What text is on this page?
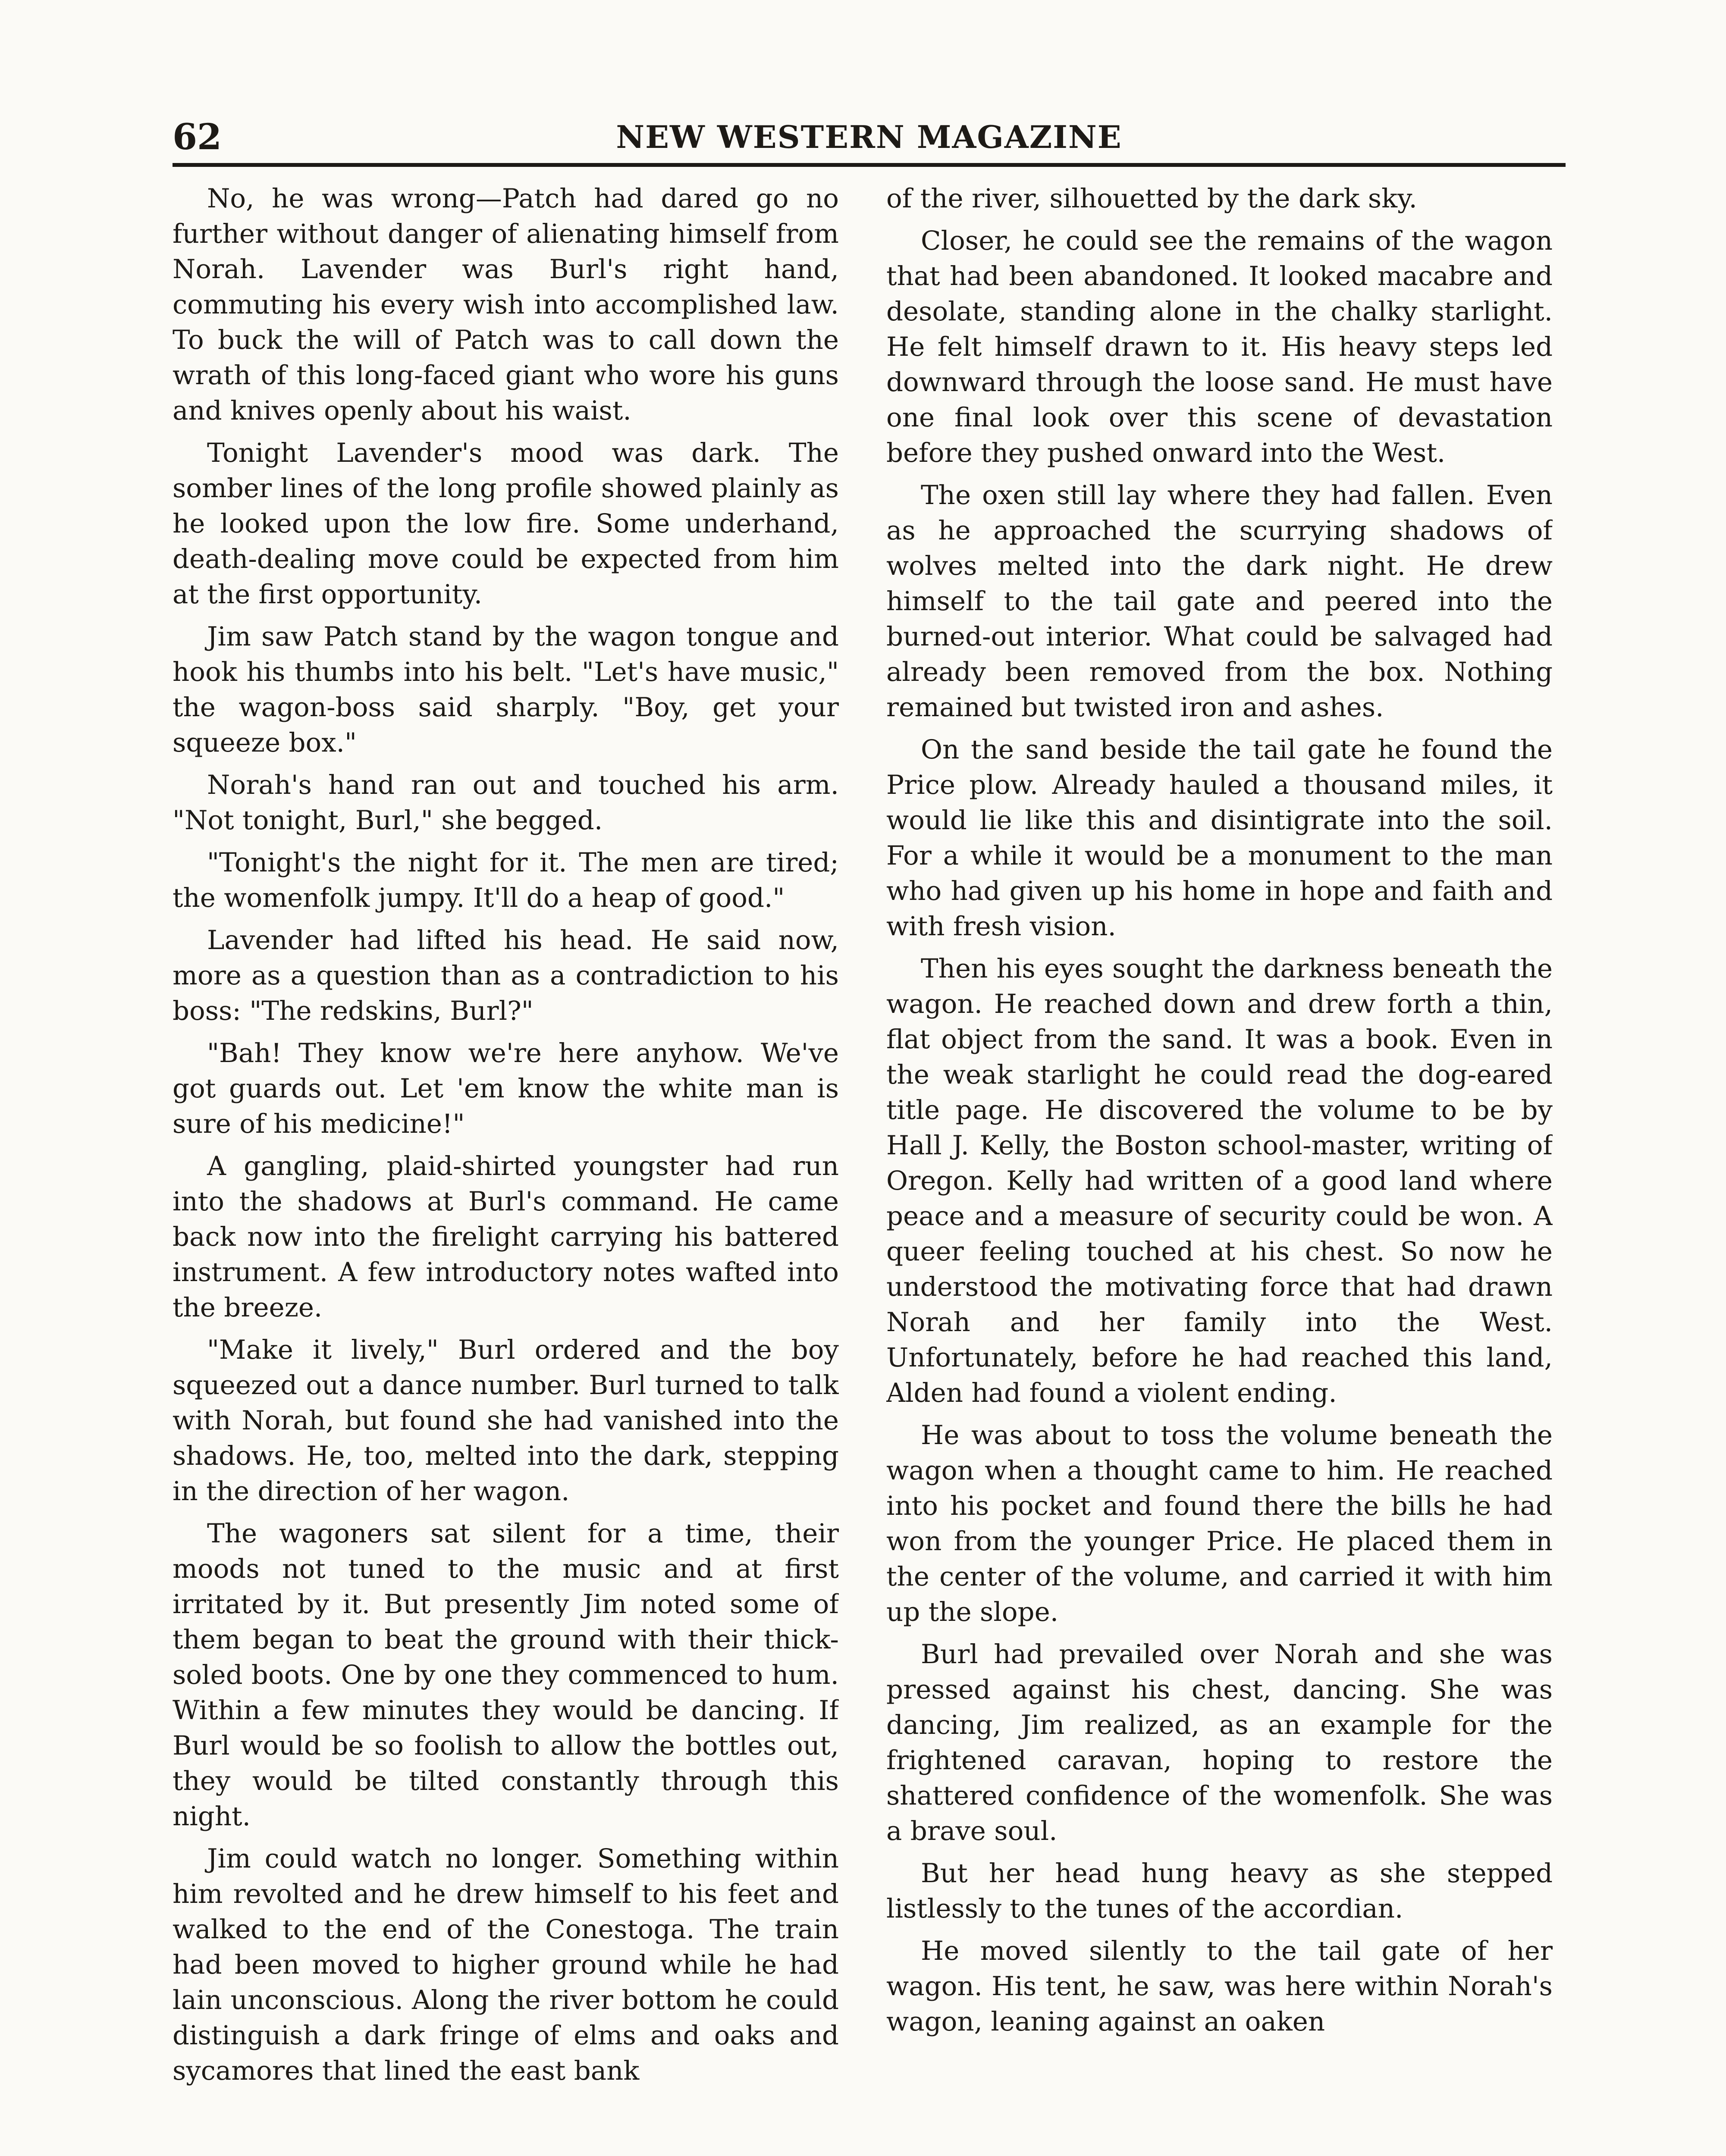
62	NEW WESTERN MAGAZINE

No, he was wrong—Patch had dared go no further without danger of alienating himself from Norah. Lavender was Burl's right hand, commuting his every wish into accomplished law. To buck the will of Patch was to call down the wrath of this long-faced giant who wore his guns and knives openly about his waist.

Tonight Lavender's mood was dark. The somber lines of the long profile showed plainly as he looked upon the low fire. Some underhand, death-dealing move could be expected from him at the first opportunity.

Jim saw Patch stand by the wagon tongue and hook his thumbs into his belt. "Let's have music," the wagon-boss said sharply. "Boy, get your squeeze box."

Norah's hand ran out and touched his arm. "Not tonight, Burl," she begged.

"Tonight's the night for it. The men are tired; the womenfolk jumpy. It'll do a heap of good."

Lavender had lifted his head. He said now, more as a question than as a contradiction to his boss: "The redskins, Burl?"

"Bah! They know we're here anyhow. We've got guards out. Let 'em know the white man is sure of his medicine!"

A gangling, plaid-shirted youngster had run into the shadows at Burl's command. He came back now into the firelight carrying his battered instrument. A few introductory notes wafted into the breeze.

"Make it lively," Burl ordered and the boy squeezed out a dance number. Burl turned to talk with Norah, but found she had vanished into the shadows. He, too, melted into the dark, stepping in the direction of her wagon.

The wagoners sat silent for a time, their moods not tuned to the music and at first irritated by it. But presently Jim noted some of them began to beat the ground with their thick-soled boots. One by one they commenced to hum. Within a few minutes they would be dancing. If Burl would be so foolish to allow the bottles out, they would be tilted constantly through this night.

Jim could watch no longer. Something within him revolted and he drew himself to his feet and walked to the end of the Conestoga. The train had been moved to higher ground while he had lain unconscious. Along the river bottom he could distinguish a dark fringe of elms and oaks and sycamores that lined the east bank

of the river, silhouetted by the dark sky.

Closer, he could see the remains of the wagon that had been abandoned. It looked macabre and desolate, standing alone in the chalky starlight. He felt himself drawn to it. His heavy steps led downward through the loose sand. He must have one final look over this scene of devastation before they pushed onward into the West.

The oxen still lay where they had fallen. Even as he approached the scurrying shadows of wolves melted into the dark night. He drew himself to the tail gate and peered into the burned-out interior. What could be salvaged had already been removed from the box. Nothing remained but twisted iron and ashes.

On the sand beside the tail gate he found the Price plow. Already hauled a thousand miles, it would lie like this and disintigrate into the soil. For a while it would be a monument to the man who had given up his home in hope and faith and with fresh vision.

Then his eyes sought the darkness beneath the wagon. He reached down and drew forth a thin, flat object from the sand. It was a book. Even in the weak starlight he could read the dog-eared title page. He discovered the volume to be by Hall J. Kelly, the Boston school-master, writing of Oregon. Kelly had written of a good land where peace and a measure of security could be won. A queer feeling touched at his chest. So now he understood the motivating force that had drawn Norah and her family into the West. Unfortunately, before he had reached this land, Alden had found a violent ending.

He was about to toss the volume beneath the wagon when a thought came to him. He reached into his pocket and found there the bills he had won from the younger Price. He placed them in the center of the volume, and carried it with him up the slope.

Burl had prevailed over Norah and she was pressed against his chest, dancing. She was dancing, Jim realized, as an example for the frightened caravan, hoping to restore the shattered confidence of the womenfolk. She was a brave soul.

But her head hung heavy as she stepped listlessly to the tunes of the accordian.

He moved silently to the tail gate of her wagon. His tent, he saw, was here within Norah's wagon, leaning against an oaken
